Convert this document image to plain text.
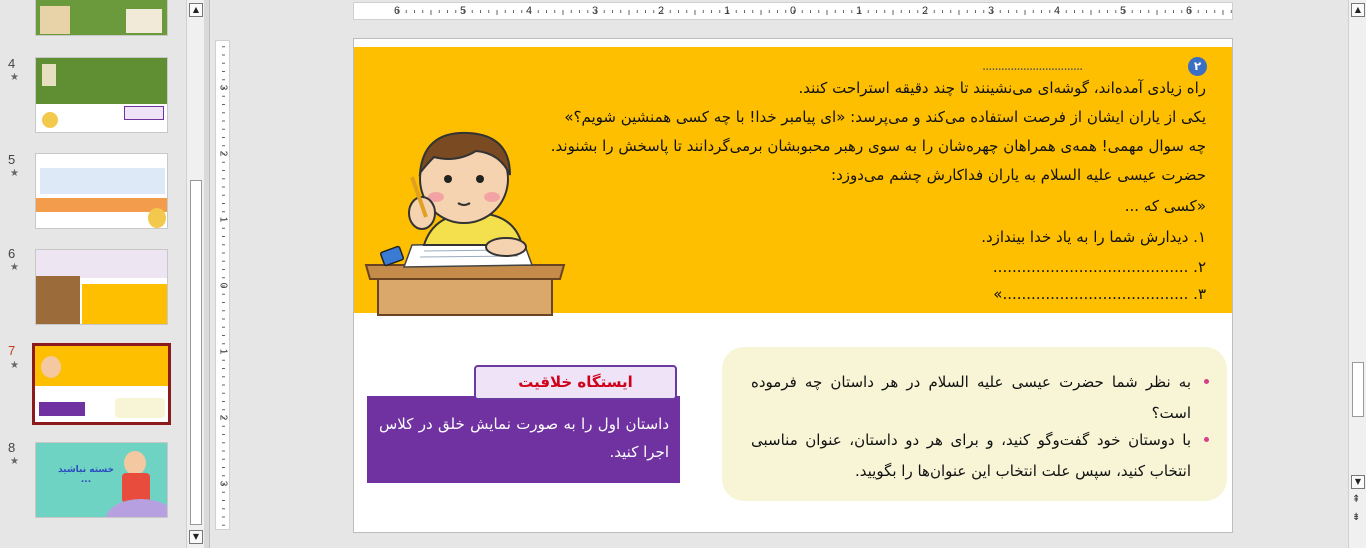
4
★
5
★
6
★
7
★
8
★
خسته نباشید ...
▲
▼
6	5	4	3	2	1	0	1	2	3	4	5	6
3
2
1
0
1
2
3
۲
................................
راه زیادی آمده‌اند، گوشه‌ای می‌نشینند تا چند دقیقه استراحت کنند.
یکی از یاران ایشان از فرصت استفاده می‌کند و می‌پرسد: «ای پیامبر خدا! با چه کسی همنشین شویم؟»
چه سوال مهمی! همه‌ی همراهان چهره‌شان را به سوی رهبر محبوبشان برمی‌گردانند تا پاسخش را بشنوند.
حضرت عیسی علیه السلام به یاران فداکارش چشم می‌دوزد:
«کسی که ...
۱. دیدارش شما را به یاد خدا بیندازد.
۲. .........................................
۳. .......................................»
به نظر شما حضرت عیسی علیه السلام در هر داستان چه فرموده است؟
با دوستان خود گفت‌وگو کنید، و برای هر دو داستان، عنوان مناسبی انتخاب کنید، سپس علت انتخاب این عنوان‌ها را بگویید.
داستان اول را به صورت نمایش خلق در کلاس اجرا کنید.
ایستگاه خلاقیت
▲
▼
⇞
⇟
